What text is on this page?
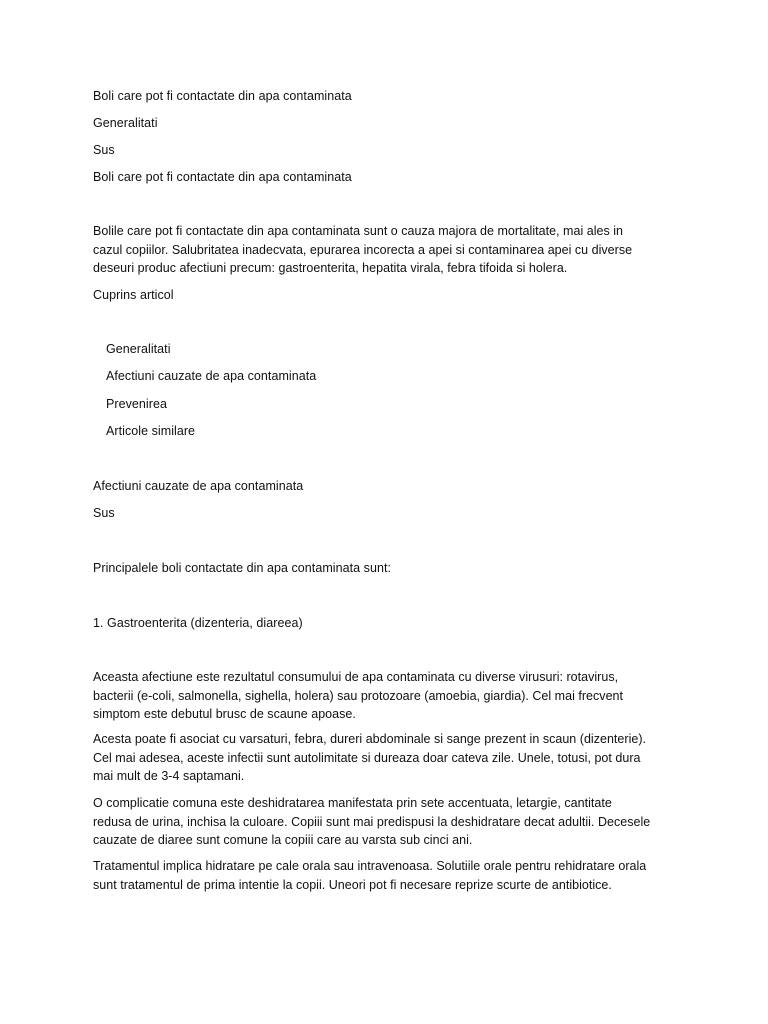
Boli care pot fi contactate din apa contaminata
Generalitati
Sus
Boli care pot fi contactate din apa contaminata
Bolile care pot fi contactate din apa contaminata sunt o cauza majora de mortalitate, mai ales in
cazul copiilor. Salubritatea inadecvata, epurarea incorecta a apei si contaminarea apei cu diverse
deseuri produc afectiuni precum: gastroenterita, hepatita virala, febra tifoida si holera.
Cuprins articol
Generalitati
Afectiuni cauzate de apa contaminata
Prevenirea
Articole similare
Afectiuni cauzate de apa contaminata
Sus
Principalele boli contactate din apa contaminata sunt:
1. Gastroenterita (dizenteria, diareea)
Aceasta afectiune este rezultatul consumului de apa contaminata cu diverse virusuri: rotavirus,
bacterii (e-coli, salmonella, sighella, holera) sau protozoare (amoebia, giardia). Cel mai frecvent
simptom este debutul brusc de scaune apoase.
Acesta poate fi asociat cu varsaturi, febra, dureri abdominale si sange prezent in scaun (dizenterie).
Cel mai adesea, aceste infectii sunt autolimitate si dureaza doar cateva zile. Unele, totusi, pot dura
mai mult de 3-4 saptamani.
O complicatie comuna este deshidratarea manifestata prin sete accentuata, letargie, cantitate
redusa de urina, inchisa la culoare. Copiii sunt mai predispusi la deshidratare decat adultii. Decesele
cauzate de diaree sunt comune la copiii care au varsta sub cinci ani.
Tratamentul implica hidratare pe cale orala sau intravenoasa. Solutiile orale pentru rehidratare orala
sunt tratamentul de prima intentie la copii. Uneori pot fi necesare reprize scurte de antibiotice.
